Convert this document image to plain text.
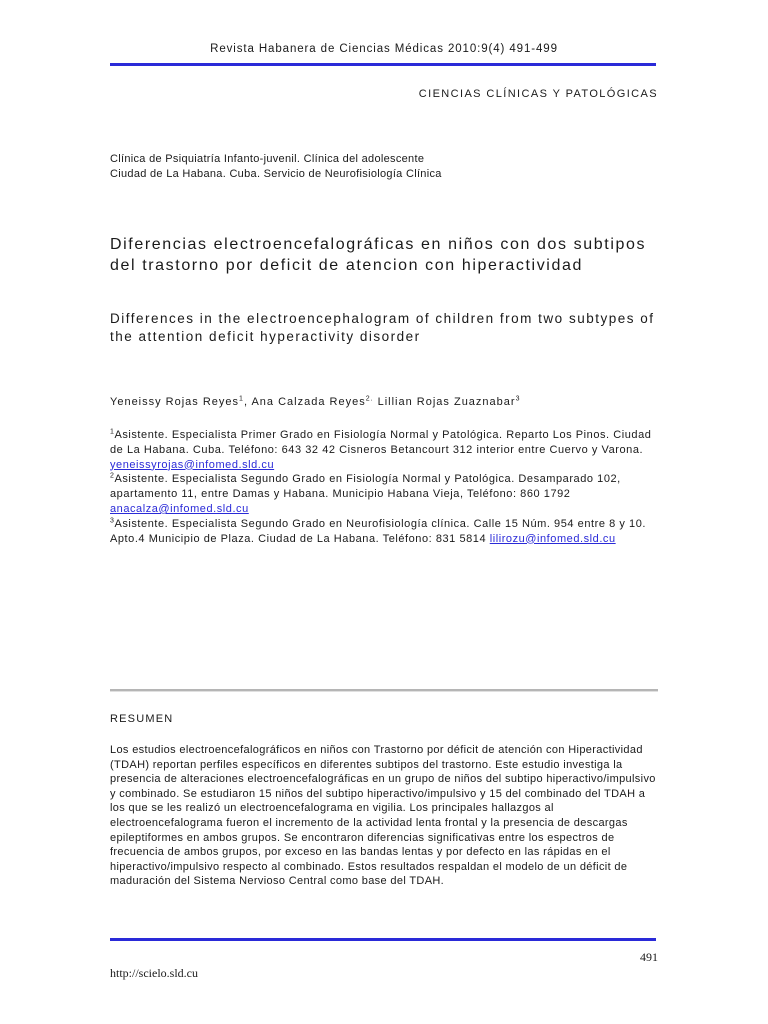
Revista Habanera de Ciencias Médicas 2010:9(4) 491-499
CIENCIAS CLÍNICAS Y PATOLÓGICAS
Clínica de Psiquiatría Infanto-juvenil. Clínica del adolescente
Ciudad de La Habana. Cuba. Servicio de Neurofisiología Clínica
Diferencias electroencefalográficas en niños con dos subtipos del trastorno por deficit de atencion con hiperactividad
Differences in the electroencephalogram of children from two subtypes of the attention deficit hyperactivity disorder
Yeneissy Rojas Reyes$^1$, Ana Calzada Reyes$^{2.}$ Lillian Rojas Zuaznabar$^3$
$^1$Asistente. Especialista Primer Grado en Fisiología Normal y Patológica. Reparto Los Pinos. Ciudad de La Habana. Cuba. Teléfono: 643 32 42 Cisneros Betancourt 312 interior entre Cuervo y Varona. yeneissyrojas@infomed.sld.cu
$^2$Asistente. Especialista Segundo Grado en Fisiología Normal y Patológica. Desamparado 102, apartamento 11, entre Damas y Habana. Municipio Habana Vieja, Teléfono: 860 1792 anacalza@infomed.sld.cu
$^3$Asistente. Especialista Segundo Grado en Neurofisiología clínica. Calle 15 Núm. 954 entre 8 y 10. Apto.4 Municipio de Plaza. Ciudad de La Habana. Teléfono: 831 5814 lilirozu@infomed.sld.cu
RESUMEN
Los estudios electroencefalográficos en niños con Trastorno por déficit de atención con Hiperactividad (TDAH) reportan perfiles específicos en diferentes subtipos del trastorno. Este estudio investiga la presencia de alteraciones electroencefalográficas en un grupo de niños del subtipo hiperactivo/impulsivo y combinado. Se estudiaron 15 niños del subtipo hiperactivo/impulsivo y 15 del combinado del TDAH a los que se les realizó un electroencefalograma en vigilia. Los principales hallazgos al electroencefalograma fueron el incremento de la actividad lenta frontal y la presencia de descargas epileptiformes en ambos grupos. Se encontraron diferencias significativas entre los espectros de frecuencia de ambos grupos, por exceso en las bandas lentas y por defecto en las rápidas en el hiperactivo/impulsivo respecto al combinado. Estos resultados respaldan el modelo de un déficit de maduración del Sistema Nervioso Central como base del TDAH.
491
http://scielo.sld.cu
